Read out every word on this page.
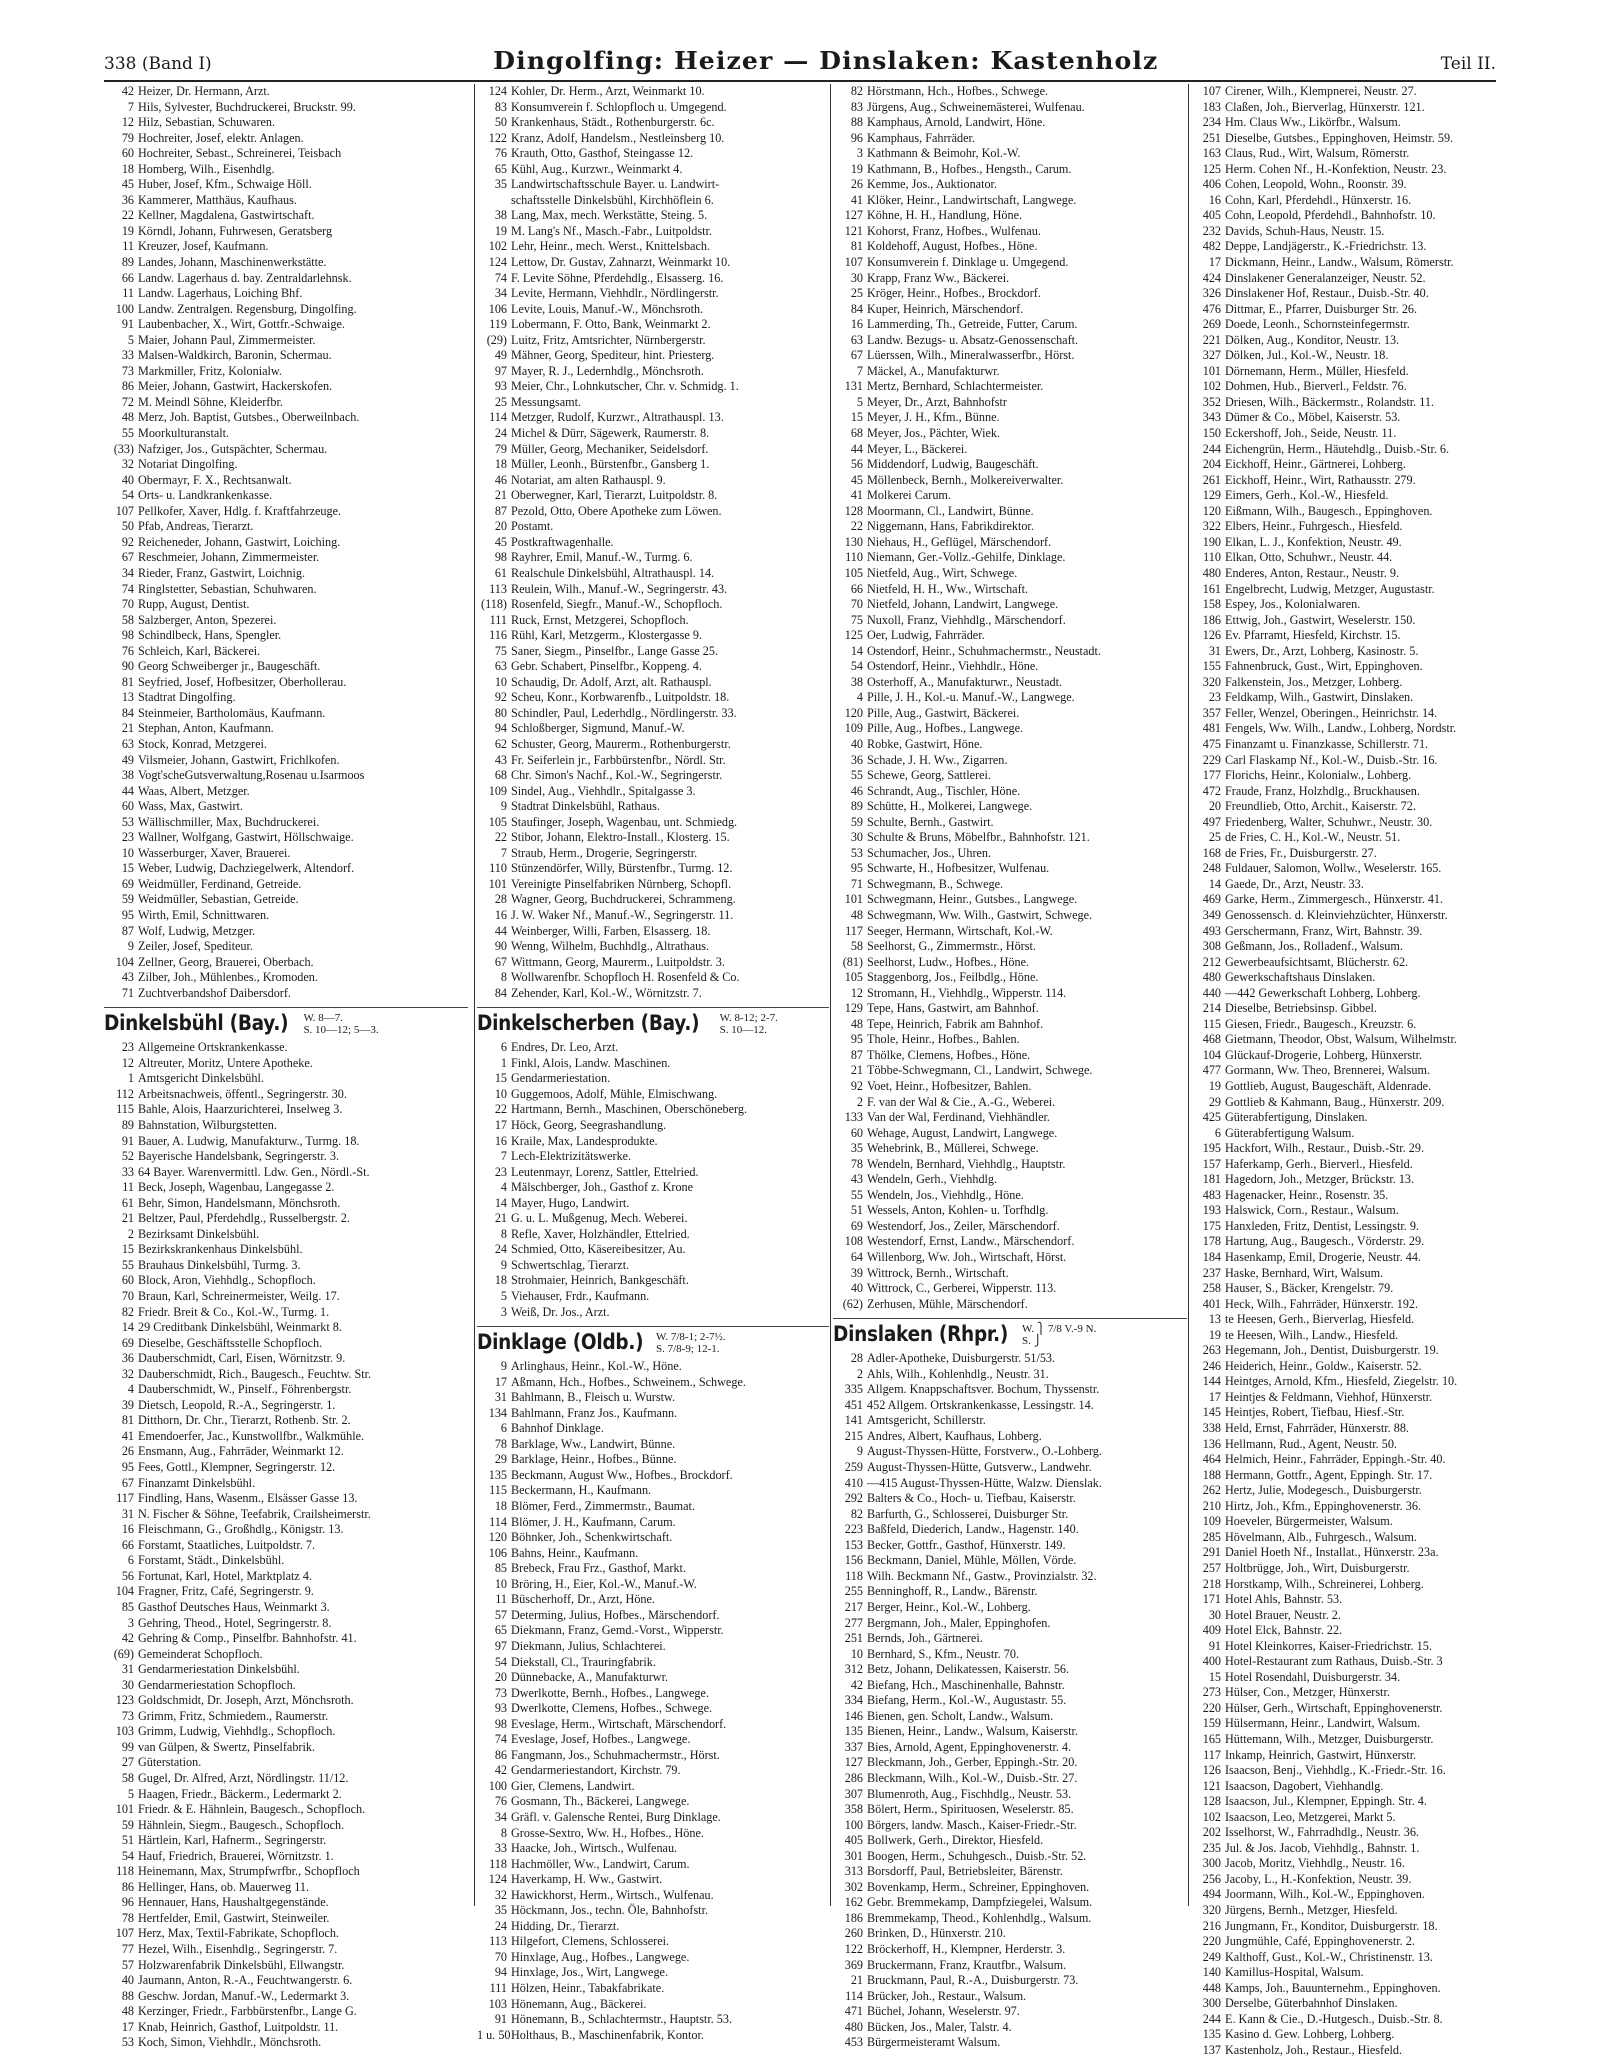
338 (Band I)	Dingolfing: Heizer — Dinslaken: Kastenholz	Teil II.
42 Heizer, Dr. Hermann, Arzt.
7 Hils, Sylvester, Buchdruckerei, Bruckstr. 99.
12 Hilz, Sebastian, Schuwaren.
79 Hochreiter, Josef, elektr. Anlagen.
60 Hochreiter, Sebast., Schreinerei, Teisbach
18 Homberg, Wilh., Eisenhdlg.
45 Huber, Josef, Kfm., Schwaige Höll.
36 Kammerer, Matthäus, Kaufhaus.
22 Kellner, Magdalena, Gastwirtschaft.
19 Körndl, Johann, Fuhrwesen, Geratsberg
11 Kreuzer, Josef, Kaufmann.
89 Landes, Johann, Maschinenwerkstätte.
66 Landw. Lagerhaus d. bay. Zentraldarlehnsk.
11 Landw. Lagerhaus, Loiching Bhf.
100 Landw. Zentralgen. Regensburg, Dingolfing.
91 Laubenbacher, X., Wirt, Gottfr.-Schwaige.
5 Maier, Johann Paul, Zimmermeister.
33 Malsen-Waldkirch, Baronin, Schermau.
73 Markmiller, Fritz, Kolonialw.
86 Meier, Johann, Gastwirt, Hackerskofen.
72 M. Meindl Söhne, Kleiderfbr.
48 Merz, Joh. Baptist, Gutsbes., Oberweilnbach.
55 Moorkulturanstalt.
(33) Nafziger, Jos., Gutspächter, Schermau.
32 Notariat Dingolfing.
40 Obermayr, F. X., Rechtsanwalt.
54 Orts- u. Landkrankenkasse.
107 Pellkofer, Xaver, Hdlg. f. Kraftfahrzeuge.
50 Pfab, Andreas, Tierarzt.
92 Reicheneder, Johann, Gastwirt, Loiching.
67 Reschmeier, Johann, Zimmermeister.
34 Rieder, Franz, Gastwirt, Loichnig.
74 Ringlstetter, Sebastian, Schuhwaren.
70 Rupp, August, Dentist.
58 Salzberger, Anton, Spezerei.
98 Schindlbeck, Hans, Spengler.
76 Schleich, Karl, Bäckerei.
90 Georg Schweiberger jr., Baugeschäft.
81 Seyfried, Josef, Hofbesitzer, Oberhollerau.
13 Stadtrat Dingolfing.
84 Steinmeier, Bartholomäus, Kaufmann.
21 Stephan, Anton, Kaufmann.
63 Stock, Konrad, Metzgerei.
49 Vilsmeier, Johann, Gastwirt, Frichlkofen.
38 Vogt'scheGutsverwaltung,Rosenau u.Isarmoos
44 Waas, Albert, Metzger.
60 Wass, Max, Gastwirt.
53 Wällischmiller, Max, Buchdruckerei.
23 Wallner, Wolfgang, Gastwirt, Höllschwaige.
10 Wasserburger, Xaver, Brauerei.
15 Weber, Ludwig, Dachziegelwerk, Altendorf.
69 Weidmüller, Ferdinand, Getreide.
59 Weidmüller, Sebastian, Getreide.
95 Wirth, Emil, Schnittwaren.
87 Wolf, Ludwig, Metzger.
9 Zeiler, Josef, Spediteur.
104 Zellner, Georg, Brauerei, Oberbach.
43 Zilber, Joh., Mühlenbes., Kromoden.
71 Zuchtverbandshof Daibersdorf.
Dinkelsbühl (Bay.) W. 8—7.
S. 10—12; 5—3.
23 Allgemeine Ortskrankenkasse.
12 Altreuter, Moritz, Untere Apotheke.
1 Amtsgericht Dinkelsbühl.
112 Arbeitsnachweis, öffentl., Segringerstr. 30.
115 Bahle, Alois, Haarzurichterei, Inselweg 3.
89 Bahnstation, Wilburgstetten.
91 Bauer, A. Ludwig, Manufakturw., Turmg. 18.
52 Bayerische Handelsbank, Segringerstr. 3.
33 64 Bayer. Warenvermittl. Ldw. Gen., Nördl.-St.
11 Beck, Joseph, Wagenbau, Langegasse 2.
61 Behr, Simon, Handelsmann, Mönchsroth.
21 Beltzer, Paul, Pferdehdlg., Russelbergstr. 2.
2 Bezirksamt Dinkelsbühl.
15 Bezirkskrankenhaus Dinkelsbühl.
55 Brauhaus Dinkelsbühl, Turmg. 3.
60 Block, Aron, Viehhdlg., Schopfloch.
70 Braun, Karl, Schreinermeister, Weilg. 17.
82 Friedr. Breit & Co., Kol.-W., Turmg. 1.
14 29 Creditbank Dinkelsbühl, Weinmarkt 8.
69 Dieselbe, Geschäftsstelle Schopfloch.
36 Dauberschmidt, Carl, Eisen, Wörnitzstr. 9.
32 Dauberschmidt, Rich., Baugesch., Feuchtw. Str.
4 Dauberschmidt, W., Pinself., Föhrenbergstr.
39 Dietsch, Leopold, R.-A., Segringerstr. 1.
81 Ditthorn, Dr. Chr., Tierarzt, Rothenb. Str. 2.
41 Emendoerfer, Jac., Kunstwollfbr., Walkmühle.
26 Ensmann, Aug., Fahrräder, Weinmarkt 12.
95 Fees, Gottl., Klempner, Segringerstr. 12.
67 Finanzamt Dinkelsbühl.
117 Findling, Hans, Wasenm., Elsässer Gasse 13.
31 N. Fischer & Söhne, Teefabrik, Crailsheimerstr.
16 Fleischmann, G., Großhdlg., Königstr. 13.
66 Forstamt, Staatliches, Luitpoldstr. 7.
6 Forstamt, Städt., Dinkelsbühl.
56 Fortunat, Karl, Hotel, Marktplatz 4.
104 Fragner, Fritz, Café, Segringerstr. 9.
85 Gasthof Deutsches Haus, Weinmarkt 3.
3 Gehring, Theod., Hotel, Segringerstr. 8.
42 Gehring & Comp., Pinselfbr. Bahnhofstr. 41.
(69) Gemeinderat Schopfloch.
31 Gendarmeriestation Dinkelsbühl.
30 Gendarmeriestation Schopfloch.
123 Goldschmidt, Dr. Joseph, Arzt, Mönchsroth.
73 Grimm, Fritz, Schmiedem., Raumerstr.
103 Grimm, Ludwig, Viehhdlg., Schopfloch.
99 van Gülpen, & Swertz, Pinselfabrik.
27 Güterstation.
58 Gugel, Dr. Alfred, Arzt, Nördlingstr. 11/12.
5 Haagen, Friedr., Bäckerm., Ledermarkt 2.
101 Friedr. & E. Hähnlein, Baugesch., Schopfloch.
59 Hähnlein, Siegm., Baugesch., Schopfloch.
51 Härtlein, Karl, Hafnerm., Segringerstr.
54 Hauf, Friedrich, Brauerei, Wörnitzstr. 1.
118 Heinemann, Max, Strumpfwrfbr., Schopfloch
86 Hellinger, Hans, ob. Mauerweg 11.
96 Hennauer, Hans, Haushaltgegenstände.
78 Hertfelder, Emil, Gastwirt, Steinweiler.
107 Herz, Max, Textil-Fabrikate, Schopfloch.
77 Hezel, Wilh., Eisenhdlg., Segringerstr. 7.
57 Holzwarenfabrik Dinkelsbühl, Ellwangstr.
40 Jaumann, Anton, R.-A., Feuchtwangerstr. 6.
88 Geschw. Jordan, Manuf.-W., Ledermarkt 3.
48 Kerzinger, Friedr., Farbbürstenfbr., Lange G.
17 Knab, Heinrich, Gasthof, Luitpoldstr. 11.
53 Koch, Simon, Viehhdlr., Mönchsroth.
124 Kohler, Dr. Herm., Arzt, Weinmarkt 10.
83 Konsumverein f. Schlopfloch u. Umgegend.
50 Krankenhaus, Städt., Rothenburgerstr. 6c.
122 Kranz, Adolf, Handelsm., Nestleinsberg 10.
76 Krauth, Otto, Gasthof, Steingasse 12.
65 Kühl, Aug., Kurzwr., Weinmarkt 4.
35 Landwirtschaftsschule Bayer. u. Landwirt-
schaftsstelle Dinkelsbühl, Kirchhöflein 6.
38 Lang, Max, mech. Werkstätte, Steing. 5.
19 M. Lang's Nf., Masch.-Fabr., Luitpoldstr.
102 Lehr, Heinr., mech. Werst., Knittelsbach.
124 Lettow, Dr. Gustav, Zahnarzt, Weinmarkt 10.
74 F. Levite Söhne, Pferdehdlg., Elsasserg. 16.
34 Levite, Hermann, Viehhdlr., Nördlingerstr.
106 Levite, Louis, Manuf.-W., Mönchsroth.
119 Lobermann, F. Otto, Bank, Weinmarkt 2.
(29) Luitz, Fritz, Amtsrichter, Nürnbergerstr.
49 Mähner, Georg, Spediteur, hint. Priesterg.
97 Mayer, R. J., Ledernhdlg., Mönchsroth.
93 Meier, Chr., Lohnkutscher, Chr. v. Schmidg. 1.
25 Messungsamt.
114 Metzger, Rudolf, Kurzwr., Altrathauspl. 13.
24 Michel & Dürr, Sägewerk, Raumerstr. 8.
79 Müller, Georg, Mechaniker, Seidelsdorf.
18 Müller, Leonh., Bürstenfbr., Gansberg 1.
46 Notariat, am alten Rathauspl. 9.
21 Oberwegner, Karl, Tierarzt, Luitpoldstr. 8.
87 Pezold, Otto, Obere Apotheke zum Löwen.
20 Postamt.
45 Postkraftwagenhalle.
98 Rayhrer, Emil, Manuf.-W., Turmg. 6.
61 Realschule Dinkelsbühl, Altrathauspl. 14.
113 Reulein, Wilh., Manuf.-W., Segringerstr. 43.
(118) Rosenfeld, Siegfr., Manuf.-W., Schopfloch.
111 Ruck, Ernst, Metzgerei, Schopfloch.
116 Rühl, Karl, Metzgerm., Klostergasse 9.
75 Saner, Siegm., Pinselfbr., Lange Gasse 25.
63 Gebr. Schabert, Pinselfbr., Koppeng. 4.
10 Schaudig, Dr. Adolf, Arzt, alt. Rathauspl.
92 Scheu, Konr., Korbwarenfb., Luitpoldstr. 18.
80 Schindler, Paul, Lederhdlg., Nördlingerstr. 33.
94 Schloßberger, Sigmund, Manuf.-W.
62 Schuster, Georg, Maurerm., Rothenburgerstr.
43 Fr. Seiferlein jr., Farbbürstenfbr., Nördl. Str.
68 Chr. Simon's Nachf., Kol.-W., Segringerstr.
109 Sindel, Aug., Viehhdlr., Spitalgasse 3.
9 Stadtrat Dinkelsbühl, Rathaus.
105 Staufinger, Joseph, Wagenbau, unt. Schmiedg.
22 Stibor, Johann, Elektro-Install., Klosterg. 15.
7 Straub, Herm., Drogerie, Segringerstr.
110 Stünzendörfer, Willy, Bürstenfbr., Turmg. 12.
101 Vereinigte Pinselfabriken Nürnberg, Schopfl.
28 Wagner, Georg, Buchdruckerei, Schrammeng.
16 J. W. Waker Nf., Manuf.-W., Segringerstr. 11.
44 Weinberger, Willi, Farben, Elsasserg. 18.
90 Wenng, Wilhelm, Buchhdlg., Altrathaus.
67 Wittmann, Georg, Maurerm., Luitpoldstr. 3.
8 Wollwarenfbr. Schopfloch H. Rosenfeld & Co.
84 Zehender, Karl, Kol.-W., Wörnitzstr. 7.
Dinkelscherben (Bay.) W. 8-12; 2-7.
S. 10—12.
6 Endres, Dr. Leo, Arzt.
1 Finkl, Alois, Landw. Maschinen.
15 Gendarmeriestation.
10 Guggemoos, Adolf, Mühle, Elmischwang.
22 Hartmann, Bernh., Maschinen, Oberschöneberg.
17 Höck, Georg, Seegrashandlung.
16 Kraile, Max, Landesprodukte.
7 Lech-Elektrizitätswerke.
23 Leutenmayr, Lorenz, Sattler, Ettelried.
4 Mälschberger, Joh., Gasthof z. Krone
14 Mayer, Hugo, Landwirt.
21 G. u. L. Mußgenug, Mech. Weberei.
8 Refle, Xaver, Holzhändler, Ettelried.
24 Schmied, Otto, Käsereibesitzer, Au.
9 Schwertschlag, Tierarzt.
18 Strohmaier, Heinrich, Bankgeschäft.
5 Viehauser, Frdr., Kaufmann.
3 Weiß, Dr. Jos., Arzt.
Dinklage (Oldb.) W. 7/8-1; 2-7½.
S. 7/8-9; 12-1.
9 Arlinghaus, Heinr., Kol.-W., Höne.
17 Aßmann, Hch., Hofbes., Schweinem., Schwege.
31 Bahlmann, B., Fleisch u. Wurstw.
134 Bahlmann, Franz Jos., Kaufmann.
6 Bahnhof Dinklage.
78 Barklage, Ww., Landwirt, Bünne.
29 Barklage, Heinr., Hofbes., Bünne.
135 Beckmann, August Ww., Hofbes., Brockdorf.
115 Beckermann, H., Kaufmann.
18 Blömer, Ferd., Zimmermstr., Baumat.
114 Blömer, J. H., Kaufmann, Carum.
120 Böhnker, Joh., Schenkwirtschaft.
106 Bahns, Heinr., Kaufmann.
85 Brebeck, Frau Frz., Gasthof, Markt.
10 Bröring, H., Eier, Kol.-W., Manuf.-W.
11 Büscherhoff, Dr., Arzt, Höne.
57 Determing, Julius, Hofbes., Märschendorf.
65 Diekmann, Franz, Gemd.-Vorst., Wipperstr.
97 Diekmann, Julius, Schlachterei.
54 Diekstall, Cl., Trauringfabrik.
20 Dünnebacke, A., Manufakturwr.
73 Dwerlkotte, Bernh., Hofbes., Langwege.
93 Dwerlkotte, Clemens, Hofbes., Schwege.
98 Eveslage, Herm., Wirtschaft, Märschendorf.
74 Eveslage, Josef, Hofbes., Langwege.
86 Fangmann, Jos., Schuhmachermstr., Hörst.
42 Gendarmeriestandort, Kirchstr. 79.
100 Gier, Clemens, Landwirt.
76 Gosmann, Th., Bäckerei, Langwege.
34 Gräfl. v. Galensche Rentei, Burg Dinklage.
8 Grosse-Sextro, Ww. H., Hofbes., Höne.
33 Haacke, Joh., Wirtsch., Wulfenau.
118 Hachmöller, Ww., Landwirt, Carum.
124 Haverkamp, H. Ww., Gastwirt.
32 Hawickhorst, Herm., Wirtsch., Wulfenau.
35 Höckmann, Jos., techn. Öle, Bahnhofstr.
24 Hidding, Dr., Tierarzt.
113 Hilgefort, Clemens, Schlosserei.
70 Hinxlage, Aug., Hofbes., Langwege.
94 Hinxlage, Jos., Wirt, Langwege.
111 Hölzen, Heinr., Tabakfabrikate.
103 Hönemann, Aug., Bäckerei.
91 Hönemann, B., Schlachtermstr., Hauptstr. 53.
1 u. 50Holthaus, B., Maschinenfabrik, Kontor.
82 Hörstmann, Hch., Hofbes., Schwege.
83 Jürgens, Aug., Schweinemästerei, Wulfenau.
88 Kamphaus, Arnold, Landwirt, Höne.
96 Kamphaus, Fahrräder.
3 Kathmann & Beimohr, Kol.-W.
19 Kathmann, B., Hofbes., Hengsth., Carum.
26 Kemme, Jos., Auktionator.
41 Klöker, Heinr., Landwirtschaft, Langwege.
127 Köhne, H. H., Handlung, Höne.
121 Kohorst, Franz, Hofbes., Wulfenau.
81 Koldehoff, August, Hofbes., Höne.
107 Konsumverein f. Dinklage u. Umgegend.
30 Krapp, Franz Ww., Bäckerei.
25 Kröger, Heinr., Hofbes., Brockdorf.
84 Kuper, Heinrich, Märschendorf.
16 Lammerding, Th., Getreide, Futter, Carum.
63 Landw. Bezugs- u. Absatz-Genossenschaft.
67 Lüerssen, Wilh., Mineralwasserfbr., Hörst.
7 Mäckel, A., Manufakturwr.
131 Mertz, Bernhard, Schlachtermeister.
5 Meyer, Dr., Arzt, Bahnhofstr
15 Meyer, J. H., Kfm., Bünne.
68 Meyer, Jos., Pächter, Wiek.
44 Meyer, L., Bäckerei.
56 Middendorf, Ludwig, Baugeschäft.
45 Möllenbeck, Bernh., Molkereiverwalter.
41 Molkerei Carum.
128 Moormann, Cl., Landwirt, Bünne.
22 Niggemann, Hans, Fabrikdirektor.
130 Niehaus, H., Geflügel, Märschendorf.
110 Niemann, Ger.-Vollz.-Gehilfe, Dinklage.
105 Nietfeld, Aug., Wirt, Schwege.
66 Nietfeld, H. H., Ww., Wirtschaft.
70 Nietfeld, Johann, Landwirt, Langwege.
75 Nuxoll, Franz, Viehhdlg., Märschendorf.
125 Oer, Ludwig, Fahrräder.
14 Ostendorf, Heinr., Schuhmachermstr., Neustadt.
54 Ostendorf, Heinr., Viehhdlr., Höne.
38 Osterhoff, A., Manufakturwr., Neustadt.
4 Pille, J. H., Kol.-u. Manuf.-W., Langwege.
120 Pille, Aug., Gastwirt, Bäckerei.
109 Pille, Aug., Hofbes., Langwege.
40 Robke, Gastwirt, Höne.
36 Schade, J. H. Ww., Zigarren.
55 Schewe, Georg, Sattlerei.
46 Schrandt, Aug., Tischler, Höne.
89 Schütte, H., Molkerei, Langwege.
59 Schulte, Bernh., Gastwirt.
30 Schulte & Bruns, Möbelfbr., Bahnhofstr. 121.
53 Schumacher, Jos., Uhren.
95 Schwarte, H., Hofbesitzer, Wulfenau.
71 Schwegmann, B., Schwege.
101 Schwegmann, Heinr., Gutsbes., Langwege.
48 Schwegmann, Ww. Wilh., Gastwirt, Schwege.
117 Seeger, Hermann, Wirtschaft, Kol.-W.
58 Seelhorst, G., Zimmermstr., Hörst.
(81) Seelhorst, Ludw., Hofbes., Höne.
105 Staggenborg, Jos., Feilbdlg., Höne.
12 Stromann, H., Viehhdlg., Wipperstr. 114.
129 Tepe, Hans, Gastwirt, am Bahnhof.
48 Tepe, Heinrich, Fabrik am Bahnhof.
95 Thole, Heinr., Hofbes., Bahlen.
87 Thölke, Clemens, Hofbes., Höne.
21 Többe-Schwegmann, Cl., Landwirt, Schwege.
92 Voet, Heinr., Hofbesitzer, Bahlen.
2 F. van der Wal & Cie., A.-G., Weberei.
133 Van der Wal, Ferdinand, Viehhändler.
60 Wehage, August, Landwirt, Langwege.
35 Wehebrink, B., Müllerei, Schwege.
78 Wendeln, Bernhard, Viehhdlg., Hauptstr.
43 Wendeln, Gerh., Viehhdlg.
55 Wendeln, Jos., Viehhdlg., Höne.
51 Wessels, Anton, Kohlen- u. Torfhdlg.
69 Westendorf, Jos., Zeiler, Märschendorf.
108 Westendorf, Ernst, Landw., Märschendorf.
64 Willenborg, Ww. Joh., Wirtschaft, Hörst.
39 Wittrock, Bernh., Wirtschaft.
40 Wittrock, C., Gerberei, Wipperstr. 113.
(62) Zerhusen, Mühle, Märschendorf.
Dinslaken (Rhpr.) W. ⎫ 7/8 V.-9 N.
S. ⎭
28 Adler-Apotheke, Duisburgerstr. 51/53.
2 Ahls, Wilh., Kohlenhdlg., Neustr. 31.
335 Allgem. Knappschaftsver. Bochum, Thyssenstr.
451 452 Allgem. Ortskrankenkasse, Lessingstr. 14.
141 Amtsgericht, Schillerstr.
215 Andres, Albert, Kaufhaus, Lohberg.
9 August-Thyssen-Hütte, Forstverw., O.-Lohberg.
259 August-Thyssen-Hütte, Gutsverw., Landwehr.
410 —415 August-Thyssen-Hütte, Walzw. Dienslak.
292 Balters & Co., Hoch- u. Tiefbau, Kaiserstr.
82 Barfurth, G., Schlosserei, Duisburger Str.
223 Baßfeld, Diederich, Landw., Hagenstr. 140.
153 Becker, Gottfr., Gasthof, Hünxerstr. 149.
156 Beckmann, Daniel, Mühle, Möllen, Vörde.
118 Wilh. Beckmann Nf., Gastw., Provinzialstr. 32.
255 Benninghoff, R., Landw., Bärenstr.
217 Berger, Heinr., Kol.-W., Lohberg.
277 Bergmann, Joh., Maler, Eppinghofen.
251 Bernds, Joh., Gärtnerei.
10 Bernhard, S., Kfm., Neustr. 70.
312 Betz, Johann, Delikatessen, Kaiserstr. 56.
42 Biefang, Hch., Maschinenhalle, Bahnstr.
334 Biefang, Herm., Kol.-W., Augustastr. 55.
146 Bienen, gen. Scholt, Landw., Walsum.
135 Bienen, Heinr., Landw., Walsum, Kaiserstr.
337 Bies, Arnold, Agent, Eppinghovenerstr. 4.
127 Bleckmann, Joh., Gerber, Eppingh.-Str. 20.
286 Bleckmann, Wilh., Kol.-W., Duisb.-Str. 27.
307 Blumenroth, Aug., Fischhdlg., Neustr. 53.
358 Bölert, Herm., Spirituosen, Weselerstr. 85.
100 Börgers, landw. Masch., Kaiser-Friedr.-Str.
405 Bollwerk, Gerh., Direktor, Hiesfeld.
301 Boogen, Herm., Schuhgesch., Duisb.-Str. 52.
313 Borsdorff, Paul, Betriebsleiter, Bärenstr.
302 Bovenkamp, Herm., Schreiner, Eppinghoven.
162 Gebr. Bremmekamp, Dampfziegelei, Walsum.
186 Bremmekamp, Theod., Kohlenhdlg., Walsum.
260 Brinken, D., Hünxerstr. 210.
122 Bröckerhoff, H., Klempner, Herderstr. 3.
369 Bruckermann, Franz, Krautfbr., Walsum.
21 Bruckmann, Paul, R.-A., Duisburgerstr. 73.
114 Brücker, Joh., Restaur., Walsum.
471 Büchel, Johann, Weselerstr. 97.
480 Bücken, Jos., Maler, Talstr. 4.
453 Bürgermeisteramt Walsum.
107 Cirener, Wilh., Klempnerei, Neustr. 27.
183 Claßen, Joh., Bierverlag, Hünxerstr. 121.
234 Hm. Claus Ww., Likörfbr., Walsum.
251 Dieselbe, Gutsbes., Eppinghoven, Heimstr. 59.
163 Claus, Rud., Wirt, Walsum, Römerstr.
125 Herm. Cohen Nf., H.-Konfektion, Neustr. 23.
406 Cohen, Leopold, Wohn., Roonstr. 39.
16 Cohn, Karl, Pferdehdl., Hünxerstr. 16.
405 Cohn, Leopold, Pferdehdl., Bahnhofstr. 10.
232 Davids, Schuh-Haus, Neustr. 15.
482 Deppe, Landjägerstr., K.-Friedrichstr. 13.
17 Dickmann, Heinr., Landw., Walsum, Römerstr.
424 Dinslakener Generalanzeiger, Neustr. 52.
326 Dinslakener Hof, Restaur., Duisb.-Str. 40.
476 Dittmar, E., Pfarrer, Duisburger Str. 26.
269 Doede, Leonh., Schornsteinfegermstr.
221 Dölken, Aug., Konditor, Neustr. 13.
327 Dölken, Jul., Kol.-W., Neustr. 18.
101 Dörnemann, Herm., Müller, Hiesfeld.
102 Dohmen, Hub., Bierverl., Feldstr. 76.
352 Driesen, Wilh., Bäckermstr., Rolandstr. 11.
343 Dümer & Co., Möbel, Kaiserstr. 53.
150 Eckershoff, Joh., Seide, Neustr. 11.
244 Eichengrün, Herm., Häutehdlg., Duisb.-Str. 6.
204 Eickhoff, Heinr., Gärtnerei, Lohberg.
261 Eickhoff, Heinr., Wirt, Rathausstr. 279.
129 Eimers, Gerh., Kol.-W., Hiesfeld.
120 Eißmann, Wilh., Baugesch., Eppinghoven.
322 Elbers, Heinr., Fuhrgesch., Hiesfeld.
190 Elkan, L. J., Konfektion, Neustr. 49.
110 Elkan, Otto, Schuhwr., Neustr. 44.
480 Enderes, Anton, Restaur., Neustr. 9.
161 Engelbrecht, Ludwig, Metzger, Augustastr.
158 Espey, Jos., Kolonialwaren.
186 Ettwig, Joh., Gastwirt, Weselerstr. 150.
126 Ev. Pfarramt, Hiesfeld, Kirchstr. 15.
31 Ewers, Dr., Arzt, Lohberg, Kasinostr. 5.
155 Fahnenbruck, Gust., Wirt, Eppinghoven.
320 Falkenstein, Jos., Metzger, Lohberg.
23 Feldkamp, Wilh., Gastwirt, Dinslaken.
357 Feller, Wenzel, Oberingen., Heinrichstr. 14.
481 Fengels, Ww. Wilh., Landw., Lohberg, Nordstr.
475 Finanzamt u. Finanzkasse, Schillerstr. 71.
229 Carl Flaskamp Nf., Kol.-W., Duisb.-Str. 16.
177 Florichs, Heinr., Kolonialw., Lohberg.
472 Fraude, Franz, Holzhdlg., Bruckhausen.
20 Freundlieb, Otto, Archit., Kaiserstr. 72.
497 Friedenberg, Walter, Schuhwr., Neustr. 30.
25 de Fries, C. H., Kol.-W., Neustr. 51.
168 de Fries, Fr., Duisburgerstr. 27.
248 Fuldauer, Salomon, Wollw., Weselerstr. 165.
14 Gaede, Dr., Arzt, Neustr. 33.
469 Garke, Herm., Zimmergesch., Hünxerstr. 41.
349 Genossensch. d. Kleinviehzüchter, Hünxerstr.
493 Gerschermann, Franz, Wirt, Bahnstr. 39.
308 Geßmann, Jos., Rolladenf., Walsum.
212 Gewerbeaufsichtsamt, Blücherstr. 62.
480 Gewerkschaftshaus Dinslaken.
440 —442 Gewerkschaft Lohberg, Lohberg.
214 Dieselbe, Betriebsinsp. Gibbel.
115 Giesen, Friedr., Baugesch., Kreuzstr. 6.
468 Gietmann, Theodor, Obst, Walsum, Wilhelmstr.
104 Glückauf-Drogerie, Lohberg, Hünxerstr.
477 Gormann, Ww. Theo, Brennerei, Walsum.
19 Gottlieb, August, Baugeschäft, Aldenrade.
29 Gottlieb & Kahmann, Baug., Hünxerstr. 209.
425 Güterabfertigung, Dinslaken.
6 Güterabfertigung Walsum.
195 Hackfort, Wilh., Restaur., Duisb.-Str. 29.
157 Haferkamp, Gerh., Bierverl., Hiesfeld.
181 Hagedorn, Joh., Metzger, Brückstr. 13.
483 Hagenacker, Heinr., Rosenstr. 35.
193 Halswick, Corn., Restaur., Walsum.
175 Hanxleden, Fritz, Dentist, Lessingstr. 9.
178 Hartung, Aug., Baugesch., Vörderstr. 29.
184 Hasenkamp, Emil, Drogerie, Neustr. 44.
237 Haske, Bernhard, Wirt, Walsum.
258 Hauser, S., Bäcker, Krengelstr. 79.
401 Heck, Wilh., Fahrräder, Hünxerstr. 192.
13 te Heesen, Gerh., Bierverlag, Hiesfeld.
19 te Heesen, Wilh., Landw., Hiesfeld.
263 Hegemann, Joh., Dentist, Duisburgerstr. 19.
246 Heiderich, Heinr., Goldw., Kaiserstr. 52.
144 Heintges, Arnold, Kfm., Hiesfeld, Ziegelstr. 10.
17 Heintjes & Feldmann, Viehhof, Hünxerstr.
145 Heintjes, Robert, Tiefbau, Hiesf.-Str.
338 Held, Ernst, Fahrräder, Hünxerstr. 88.
136 Hellmann, Rud., Agent, Neustr. 50.
464 Helmich, Heinr., Fahrräder, Eppingh.-Str. 40.
188 Hermann, Gottfr., Agent, Eppingh. Str. 17.
262 Hertz, Julie, Modegesch., Duisburgerstr.
210 Hirtz, Joh., Kfm., Eppinghovenerstr. 36.
109 Hoeveler, Bürgermeister, Walsum.
285 Hövelmann, Alb., Fuhrgesch., Walsum.
291 Daniel Hoeth Nf., Installat., Hünxerstr. 23a.
257 Holtbrügge, Joh., Wirt, Duisburgerstr.
218 Horstkamp, Wilh., Schreinerei, Lohberg.
171 Hotel Ahls, Bahnstr. 53.
30 Hotel Brauer, Neustr. 2.
409 Hotel Elck, Bahnstr. 22.
91 Hotel Kleinkorres, Kaiser-Friedrichstr. 15.
400 Hotel-Restaurant zum Rathaus, Duisb.-Str. 3
15 Hotel Rosendahl, Duisburgerstr. 34.
273 Hülser, Con., Metzger, Hünxerstr.
220 Hülser, Gerh., Wirtschaft, Eppinghovenerstr.
159 Hülsermann, Heinr., Landwirt, Walsum.
165 Hüttemann, Wilh., Metzger, Duisburgerstr.
117 Inkamp, Heinrich, Gastwirt, Hünxerstr.
126 Isaacson, Benj., Viehhdlg., K.-Friedr.-Str. 16.
121 Isaacson, Dagobert, Viehhandlg.
128 Isaacson, Jul., Klempner, Eppingh. Str. 4.
102 Isaacson, Leo, Metzgerei, Markt 5.
202 Isselhorst, W., Fahrradhdlg., Neustr. 36.
235 Jul. & Jos. Jacob, Viehhdlg., Bahnstr. 1.
300 Jacob, Moritz, Viehhdlg., Neustr. 16.
256 Jacoby, L., H.-Konfektion, Neustr. 39.
494 Joormann, Wilh., Kol.-W., Eppinghoven.
320 Jürgens, Bernh., Metzger, Hiesfeld.
216 Jungmann, Fr., Konditor, Duisburgerstr. 18.
220 Jungmühle, Café, Eppinghovenerstr. 2.
249 Kalthoff, Gust., Kol.-W., Christinenstr. 13.
140 Kamillus-Hospital, Walsum.
448 Kamps, Joh., Bauunternehm., Eppinghoven.
300 Derselbe, Güterbahnhof Dinslaken.
244 E. Kann & Cie., D.-Hutgesch., Duisb.-Str. 8.
135 Kasino d. Gew. Lohberg, Lohberg.
137 Kastenholz, Joh., Restaur., Hiesfeld.
